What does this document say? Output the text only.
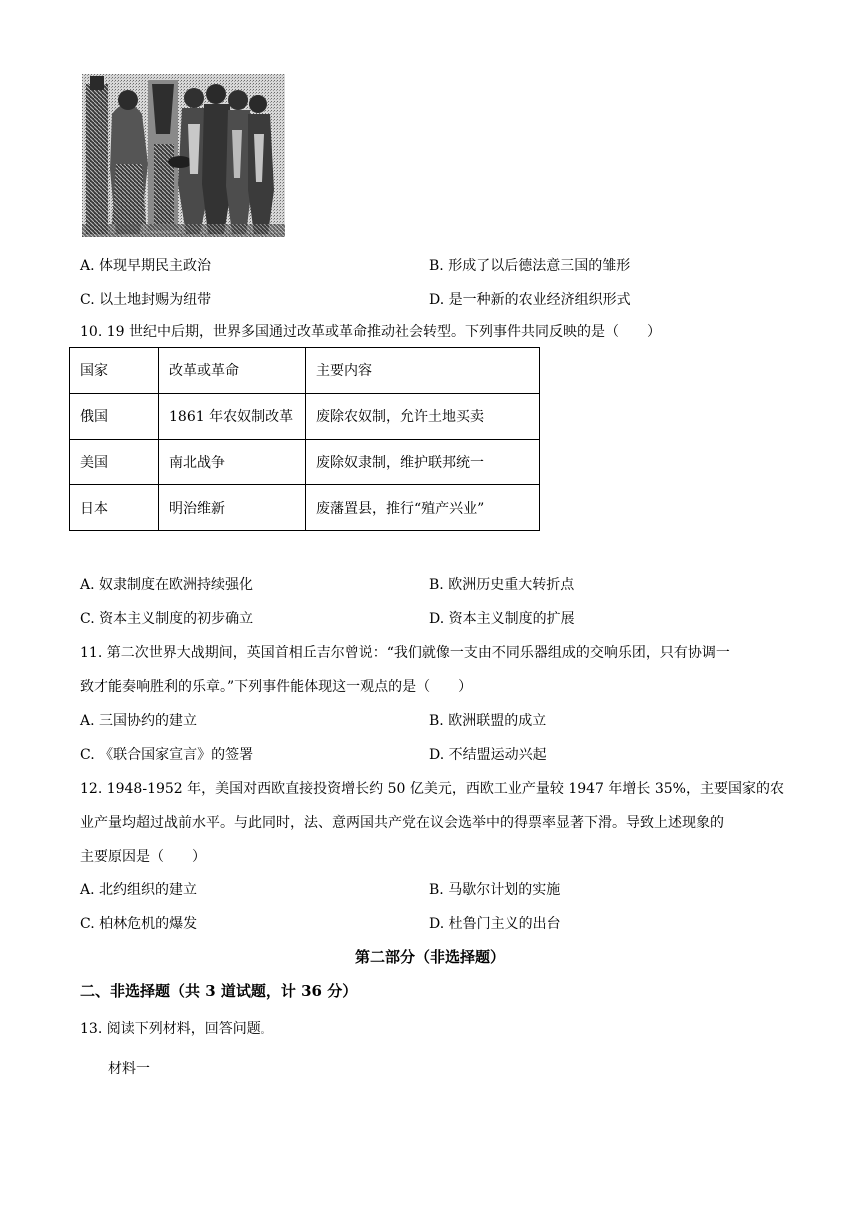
A. 体现早期民主政治	B. 形成了以后德法意三国的雏形
C. 以土地封赐为纽带	D. 是一种新的农业经济组织形式
10. 19 世纪中后期，世界多国通过改革或革命推动社会转型。下列事件共同反映的是（　　）
国家	改革或革命	主要内容
俄国	1861 年农奴制改革	废除农奴制，允许土地买卖
美国	南北战争	废除奴隶制，维护联邦统一
日本	明治维新	废藩置县，推行“殖产兴业”
A. 奴隶制度在欧洲持续强化	B. 欧洲历史重大转折点
C. 资本主义制度的初步确立	D. 资本主义制度的扩展
11. 第二次世界大战期间，英国首相丘吉尔曾说：“我们就像一支由不同乐器组成的交响乐团，只有协调一
致才能奏响胜利的乐章。”下列事件能体现这一观点的是（　　）
A. 三国协约的建立	B. 欧洲联盟的成立
C. 《联合国家宣言》的签署	D. 不结盟运动兴起
12. 1948-1952 年，美国对西欧直接投资增长约 50 亿美元，西欧工业产量较 1947 年增长 35%，主要国家的农
业产量均超过战前水平。与此同时，法、意两国共产党在议会选举中的得票率显著下滑。导致上述现象的
主要原因是（　　）
A. 北约组织的建立	B. 马歇尔计划的实施
C. 柏林危机的爆发	D. 杜鲁门主义的出台
第二部分（非选择题）
二、非选择题（共 3 道试题，计 36 分）
13. 阅读下列材料，回答问题。
材料一
